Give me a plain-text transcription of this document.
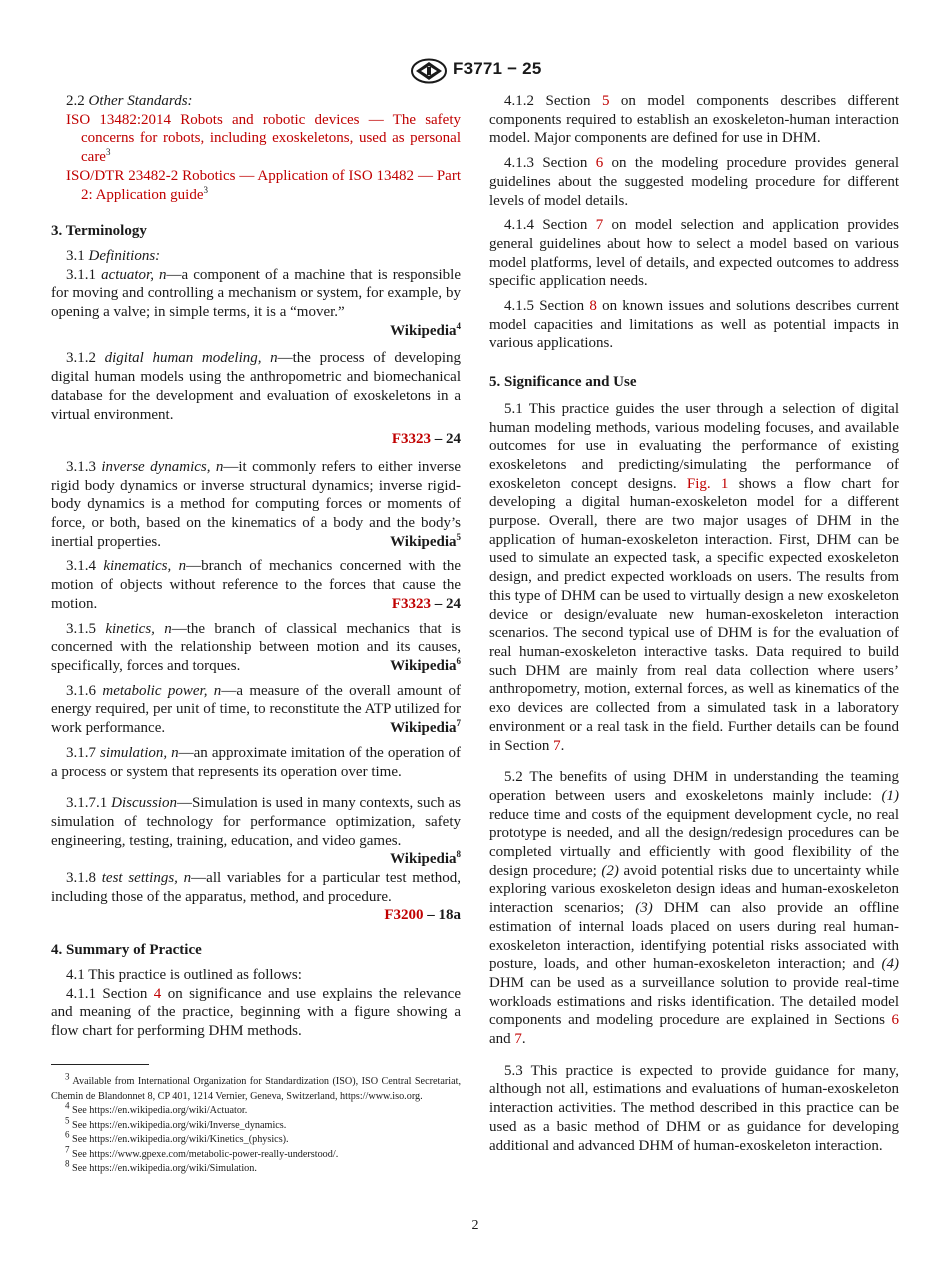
F3771 − 25

2.2 Other Standards:

ISO 13482:2014 Robots and robotic devices — The safety concerns for robots, including exoskeletons, used as personal care$^3$

ISO/DTR 23482-2 Robotics — Application of ISO 13482 — Part 2: Application guide$^3$

3. Terminology

3.1 Definitions:

3.1.1 actuator, n—a component of a machine that is responsible for moving and controlling a mechanism or system, for example, by opening a valve; in simple terms, it is a “mover.”

Wikipedia$^4$

3.1.2 digital human modeling, n—the process of developing digital human models using the anthropometric and biomechanical database for the development and evaluation of exoskeletons in a virtual environment.

F3323 – 24

3.1.3 inverse dynamics, n—it commonly refers to either inverse rigid body dynamics or inverse structural dynamics; inverse rigid-body dynamics is a method for computing forces or moments of force, or both, based on the kinematics of a body and the body’s inertial properties.	Wikipedia$^5$

3.1.4 kinematics, n—branch of mechanics concerned with the motion of objects without reference to the forces that cause the motion.	F3323 – 24

3.1.5 kinetics, n—the branch of classical mechanics that is concerned with the relationship between motion and its causes, specifically, forces and torques.	Wikipedia$^6$

3.1.6 metabolic power, n—a measure of the overall amount of energy required, per unit of time, to reconstitute the ATP utilized for work performance.	Wikipedia$^7$

3.1.7 simulation, n—an approximate imitation of the operation of a process or system that represents its operation over time.

3.1.7.1 Discussion—Simulation is used in many contexts, such as simulation of technology for performance optimization, safety engineering, testing, training, education, and video games.
Wikipedia$^8$

3.1.8 test settings, n—all variables for a particular test method, including those of the apparatus, method, and procedure.
F3200 – 18a

4. Summary of Practice

4.1 This practice is outlined as follows:

4.1.1 Section 4 on significance and use explains the relevance and meaning of the practice, beginning with a figure showing a flow chart for performing DHM methods.

4.1.2 Section 5 on model components describes different components required to establish an exoskeleton-human interaction model. Major components are defined for use in DHM.

4.1.3 Section 6 on the modeling procedure provides general guidelines about the suggested modeling procedure for different levels of model details.

4.1.4 Section 7 on model selection and application provides general guidelines about how to select a model based on various model platforms, level of details, and expected outcomes to address specific application needs.

4.1.5 Section 8 on known issues and solutions describes current model capacities and limitations as well as potential impacts in various applications.

5. Significance and Use

5.1 This practice guides the user through a selection of digital human modeling methods, various modeling focuses, and available outcomes for use in evaluating the performance of existing exoskeletons and predicting/simulating the performance of exoskeleton concept designs. Fig. 1 shows a flow chart for developing a digital human-exoskeleton model for a different purpose. Overall, there are two major usages of DHM in the application of human-exoskeleton interaction. First, DHM can be used to simulate an expected task, a specific expected exoskeleton design, and predict expected workloads on users. The results from this type of DHM can be used to virtually design a new exoskeleton device or design/evaluate new human-exoskeleton interaction scenarios. The second typical use of DHM is for the evaluation of real human-exoskeleton interactive tasks. Data required to build such DHM are mainly from real data collection where users’ anthropometry, motion, external forces, as well as kinematics of the exo devices are collected from a simulated task in a laboratory environment or a real task in the field. Further details can be found in Section 7.

5.2 The benefits of using DHM in understanding the teaming operation between users and exoskeletons mainly include: (1) reduce time and costs of the equipment development cycle, no real prototype is needed, and all the design/redesign procedures can be completed virtually and efficiently with good flexibility of the design procedure; (2) avoid potential risks due to uncertainty while exploring various exoskeleton design ideas and human-exoskeleton interaction scenarios; (3) DHM can also provide an offline estimation of internal loads placed on users during real human-exoskeleton interaction, identifying potential risks associated with posture, loads, and other human-exoskeleton interaction; and (4) DHM can be used as a surveillance solution to provide real-time workloads estimations and risks identification. The detailed model components and modeling procedure are explained in Sections 6 and 7.

5.3 This practice is expected to provide guidance for many, although not all, estimations and evaluations of human-exoskeleton interaction activities. The method described in this practice can be used as a basic method of DHM or as guidance for developing additional and advanced DHM of human-exoskeleton interaction.

$^3$ Available from International Organization for Standardization (ISO), ISO Central Secretariat, Chemin de Blandonnet 8, CP 401, 1214 Vernier, Geneva, Switzerland, https://www.iso.org.

$^4$ See https://en.wikipedia.org/wiki/Actuator.

$^5$ See https://en.wikipedia.org/wiki/Inverse_dynamics.

$^6$ See https://en.wikipedia.org/wiki/Kinetics_(physics).

$^7$ See https://www.gpexe.com/metabolic-power-really-understood/.

$^8$ See https://en.wikipedia.org/wiki/Simulation.

2
